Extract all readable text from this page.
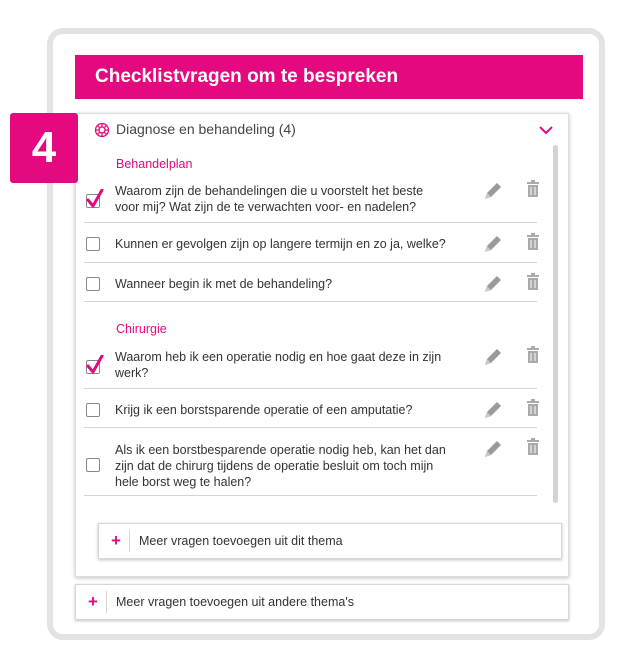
Checklistvragen om te bespreken
4	Diagnose en behandeling (4)
Behandelplan
Waarom zijn de behandelingen die u voorstelt het beste voor mij? Wat zijn de te verwachten voor- en nadelen?
Kunnen er gevolgen zijn op langere termijn en zo ja, welke?
Wanneer begin ik met de behandeling?
Chirurgie
Waarom heb ik een operatie nodig en hoe gaat deze in zijn werk?
Krijg ik een borstsparende operatie of een amputatie?
Als ik een borstbesparende operatie nodig heb, kan het dan zijn dat de chirurg tijdens de operatie besluit om toch mijn hele borst weg te halen?
+ Meer vragen toevoegen uit dit thema
+ Meer vragen toevoegen uit andere thema's
